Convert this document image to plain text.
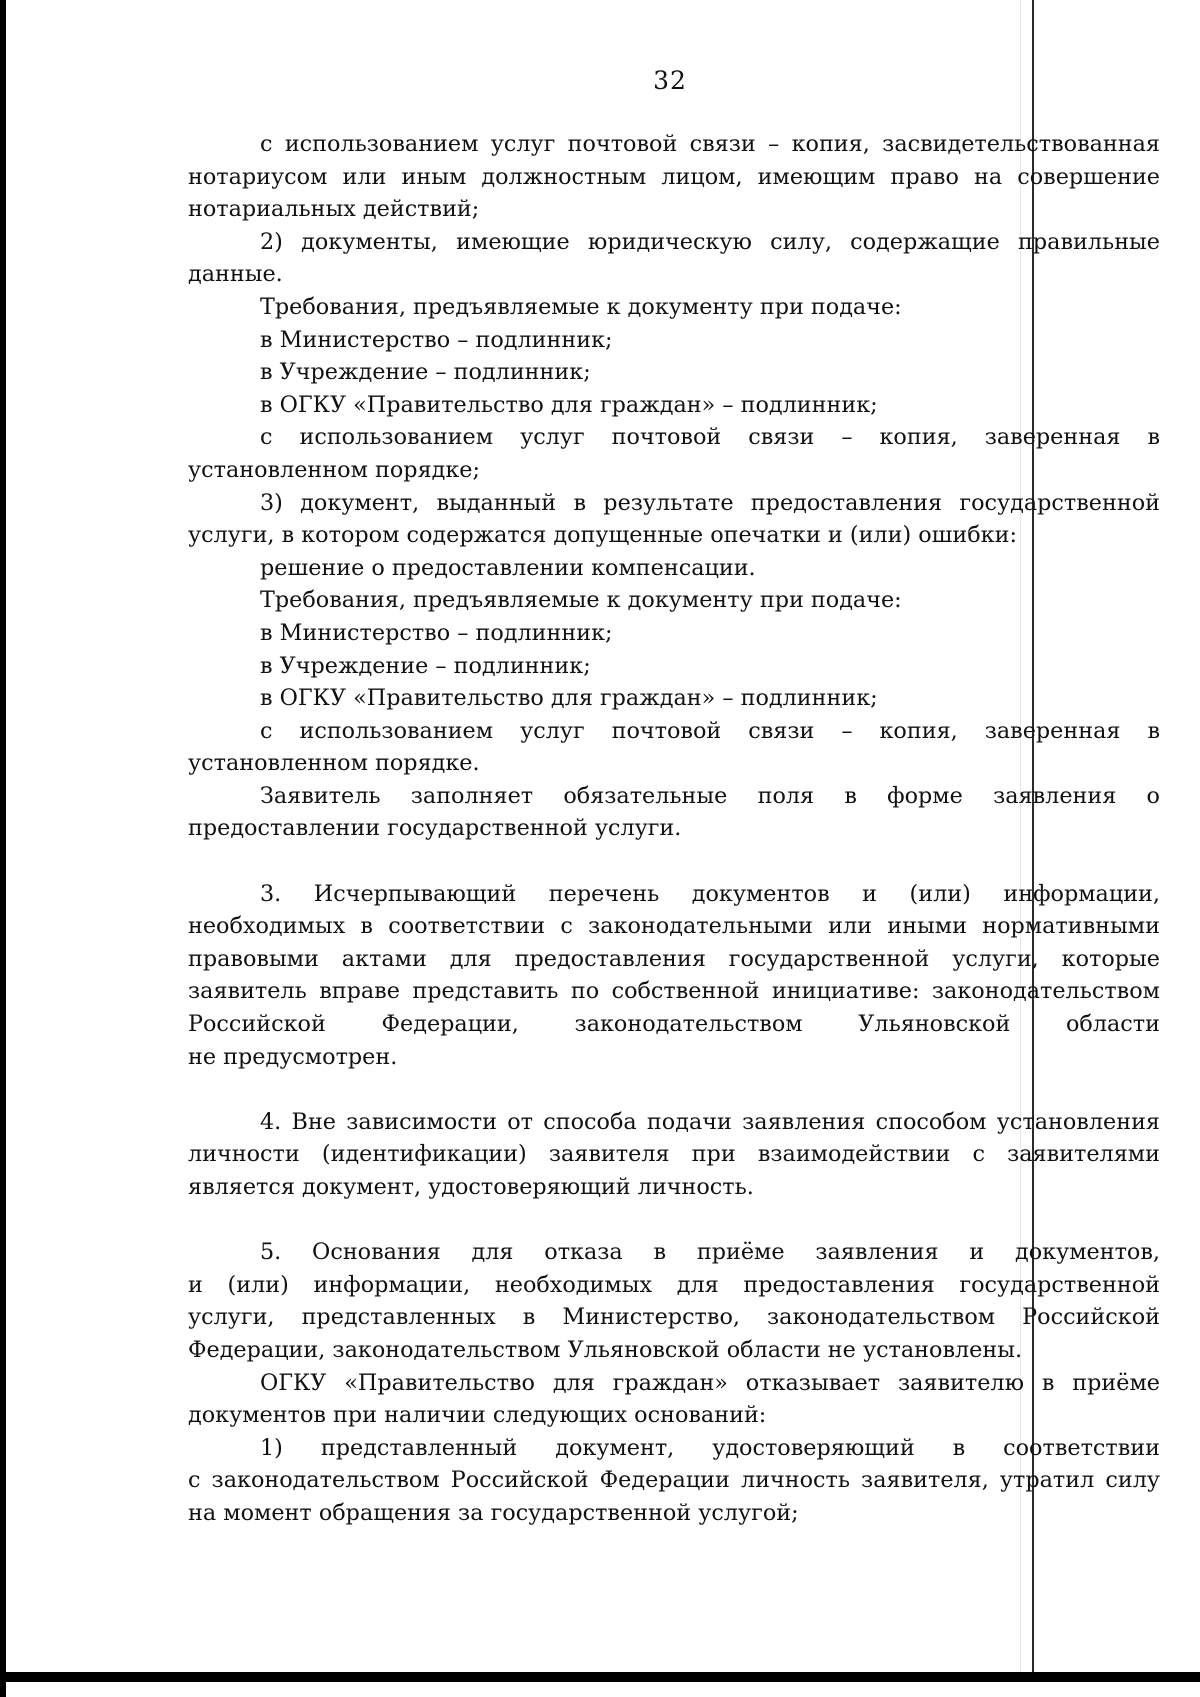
32

с использованием услуг почтовой связи – копия, засвидетельствованная

нотариусом или иным должностным лицом, имеющим право на совершение

нотариальных действий;

2) документы, имеющие юридическую силу, содержащие правильные

данные.

Требования, предъявляемые к документу при подаче:

в Министерство – подлинник;

в Учреждение – подлинник;

в ОГКУ «Правительство для граждан» – подлинник;

с использованием услуг почтовой связи – копия, заверенная в

установленном порядке;

3) документ, выданный в результате предоставления государственной

услуги, в котором содержатся допущенные опечатки и (или) ошибки:

решение о предоставлении компенсации.

Требования, предъявляемые к документу при подаче:

в Министерство – подлинник;

в Учреждение – подлинник;

в ОГКУ «Правительство для граждан» – подлинник;

с использованием услуг почтовой связи – копия, заверенная в

установленном порядке.

Заявитель заполняет обязательные поля в форме заявления о

предоставлении государственной услуги.

3. Исчерпывающий перечень документов и (или) информации,

необходимых в соответствии с законодательными или иными нормативными

правовыми актами для предоставления государственной услуги, которые

заявитель вправе представить по собственной инициативе: законодательством

Российской Федерации, законодательством Ульяновской области

не предусмотрен.

4. Вне зависимости от способа подачи заявления способом установления

личности (идентификации) заявителя при взаимодействии с заявителями

является документ, удостоверяющий личность.

5. Основания для отказа в приёме заявления и документов,

и (или) информации, необходимых для предоставления государственной

услуги, представленных в Министерство, законодательством Российской

Федерации, законодательством Ульяновской области не установлены.

ОГКУ «Правительство для граждан» отказывает заявителю в приёме

документов при наличии следующих оснований:

1) представленный документ, удостоверяющий в соответствии

с законодательством Российской Федерации личность заявителя, утратил силу

на момент обращения за государственной услугой;
